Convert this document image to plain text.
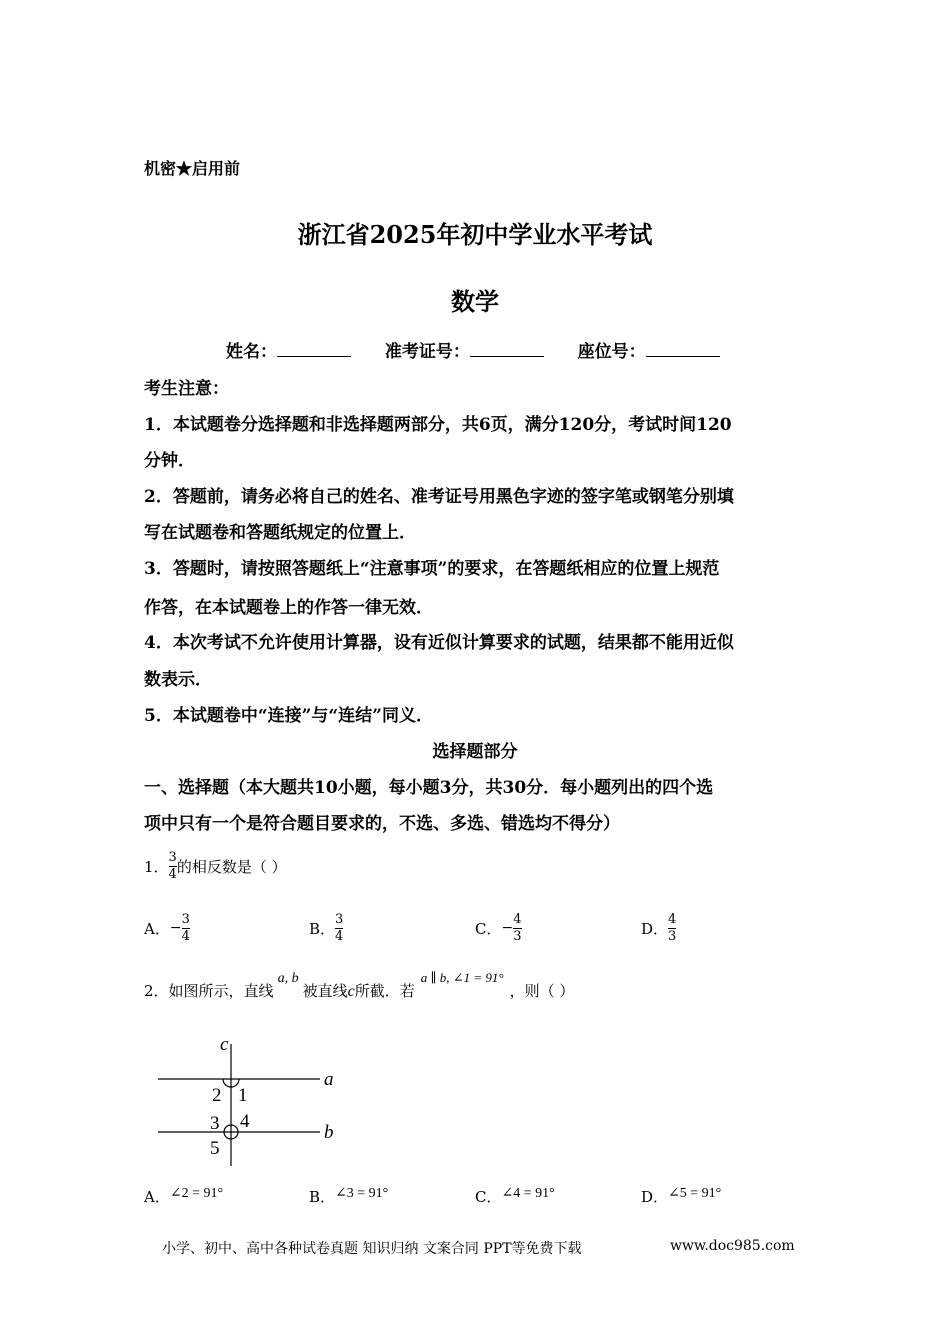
机密★启用前
浙江省2025年初中学业水平考试
数学
姓名：	准考证号：	座位号：
考生注意：
1．本试题卷分选择题和非选择题两部分，共6页，满分120分，考试时间120
分钟．
2．答题前，请务必将自己的姓名、准考证号用黑色字迹的签字笔或钢笔分别填
写在试题卷和答题纸规定的位置上．
3．答题时，请按照答题纸上“注意事项”的要求，在答题纸相应的位置上规范
作答，在本试题卷上的作答一律无效．
4．本次考试不允许使用计算器，设有近似计算要求的试题，结果都不能用近似
数表示．
5．本试题卷中“连接”与“连结”同义．
选择题部分
一、选择题（本大题共10小题，每小题3分，共30分．每小题列出的四个选
项中只有一个是符合题目要求的，不选、多选、错选均不得分）
1． $\frac{3}{4}$ 的相反数是（ ）
A． − $\frac{3}{4}$	B． $\frac{3}{4}$	C． − $\frac{4}{3}$	D． $\frac{4}{3}$
2．如图所示，直线a, b被直线c所截．若a ∥ b, ∠1 = 91°，则（ ）
c
a
b
2 1
3 4
5
A．∠2 = 91°	B．∠3 = 91°	C．∠4 = 91°	D．∠5 = 91°
小学、初中、高中各种试卷真题 知识归纳 文案合同 PPT等免费下载	www.doc985.com
